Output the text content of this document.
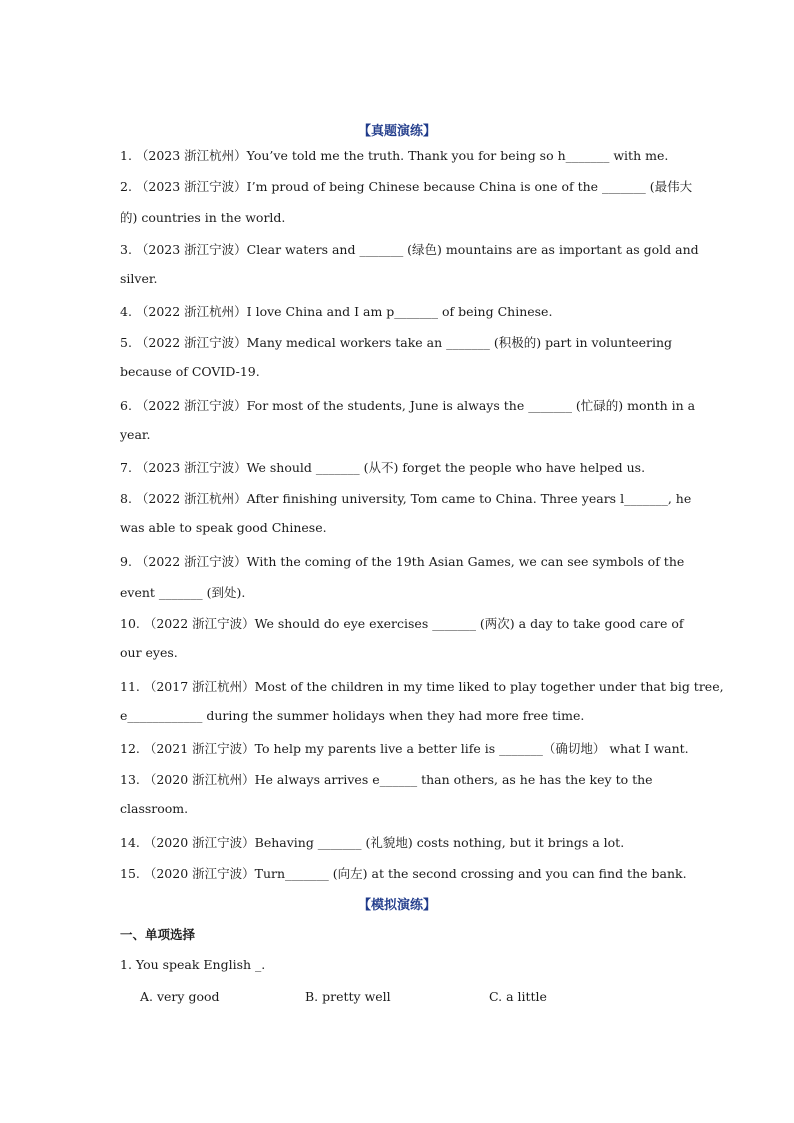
【真题演练】
1. （2023 浙江杭州）You’ve told me the truth. Thank you for being so h_______ with me.
2. （2023 浙江宁波）I’m proud of being Chinese because China is one of the _______ (最伟大
的) countries in the world.
3. （2023 浙江宁波）Clear waters and _______ (绿色) mountains are as important as gold and
silver.
4. （2022 浙江杭州）I love China and I am p_______ of being Chinese.
5. （2022 浙江宁波）Many medical workers take an _______ (积极的) part in volunteering
because of COVID-19.
6. （2022 浙江宁波）For most of the students, June is always the _______ (忙碌的) month in a
year.
7. （2023 浙江宁波）We should _______ (从不) forget the people who have helped us.
8. （2022 浙江杭州）After finishing university, Tom came to China. Three years l_______, he
was able to speak good Chinese.
9. （2022 浙江宁波）With the coming of the 19th Asian Games, we can see symbols of the
event _______ (到处).
10. （2022 浙江宁波）We should do eye exercises _______ (两次) a day to take good care of
our eyes.
11. （2017 浙江杭州）Most of the children in my time liked to play together under that big tree,
e____________ during the summer holidays when they had more free time.
12. （2021 浙江宁波）To help my parents live a better life is _______（确切地） what I want.
13. （2020 浙江杭州）He always arrives e______ than others, as he has the key to the
classroom.
14. （2020 浙江宁波）Behaving _______ (礼貌地) costs nothing, but it brings a lot.
15. （2020 浙江宁波）Turn_______ (向左) at the second crossing and you can find the bank.
【模拟演练】
一、单项选择
1. You speak English _.
A. very good	B. pretty well	C. a little
